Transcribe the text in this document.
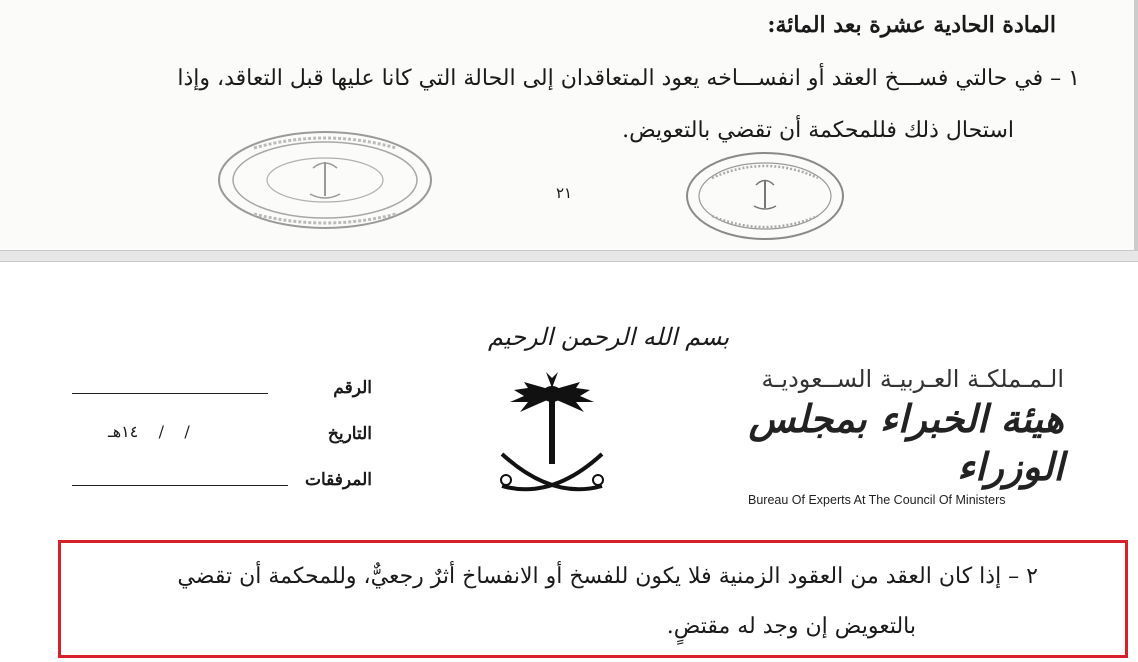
المادة الحادية عشرة بعد المائة:
١ – في حالتي فســـخ العقد أو انفســـاخه يعود المتعاقدان إلى الحالة التي كانا عليها قبل التعاقد، وإذا
استحال ذلك فللمحكمة أن تقضي بالتعويض.
٢١
بسم الله الرحمن الرحيم
الـمـملكـة العـربيـة الســعوديـة
هيئة الخبراء بمجلس الوزراء
Bureau Of Experts At The Council Of Ministers
الرقم
التاريخ
١٤هـ    /    /
المرفقات
٢ – إذا كان العقد من العقود الزمنية فلا يكون للفسخ أو الانفساخ أثرٌ رجعيٌّ، وللمحكمة أن تقضي
بالتعويض إن وجد له مقتضٍ.
